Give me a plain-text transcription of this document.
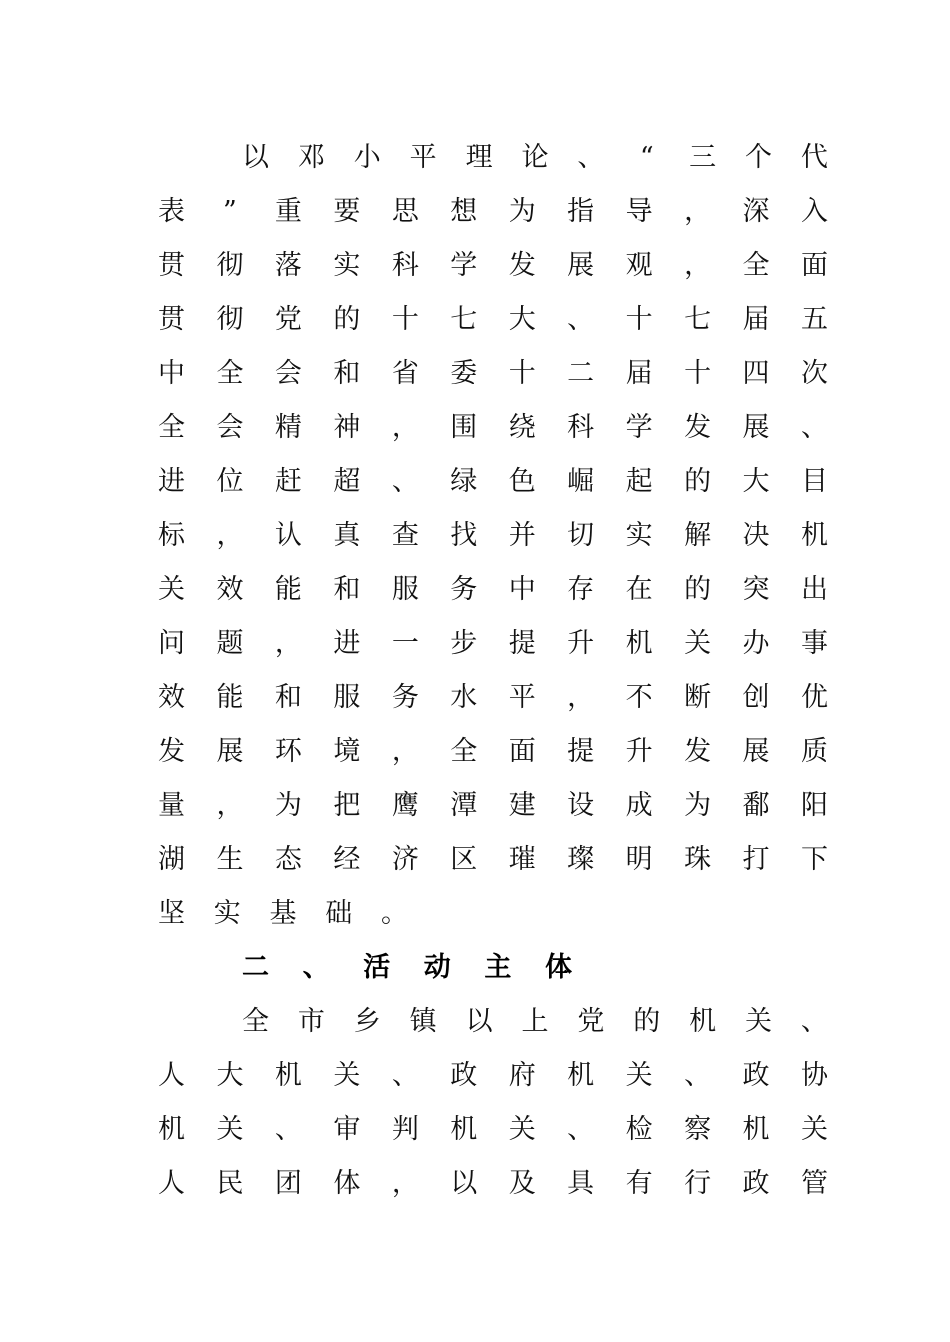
以 邓 小 平 理 论 、 “ 三 个 代
表 ” 重 要 思 想 为 指 导 ， 深 入
贯 彻 落 实 科 学 发 展 观 ， 全 面
贯 彻 党 的 十 七 大 、 十 七 届 五
中 全 会 和 省 委 十 二 届 十 四 次
全 会 精 神 ， 围 绕 科 学 发 展 、
进 位 赶 超 、 绿 色 崛 起 的 大 目
标 ， 认 真 查 找 并 切 实 解 决 机
关 效 能 和 服 务 中 存 在 的 突 出
问 题 ， 进 一 步 提 升 机 关 办 事
效 能 和 服 务 水 平 ， 不 断 创 优
发 展 环 境 ， 全 面 提 升 发 展 质
量 ， 为 把 鹰 潭 建 设 成 为 鄱 阳
湖 生 态 经 济 区 璀 璨 明 珠 打 下
坚 实 基 础 。
二 、 活 动 主 体
全 市 乡 镇 以 上 党 的 机 关 、
人 大 机 关 、 政 府 机 关 、 政 协
机 关 、 审 判 机 关 、 检 察 机 关
人 民 团 体 ， 以 及 具 有 行 政 管
